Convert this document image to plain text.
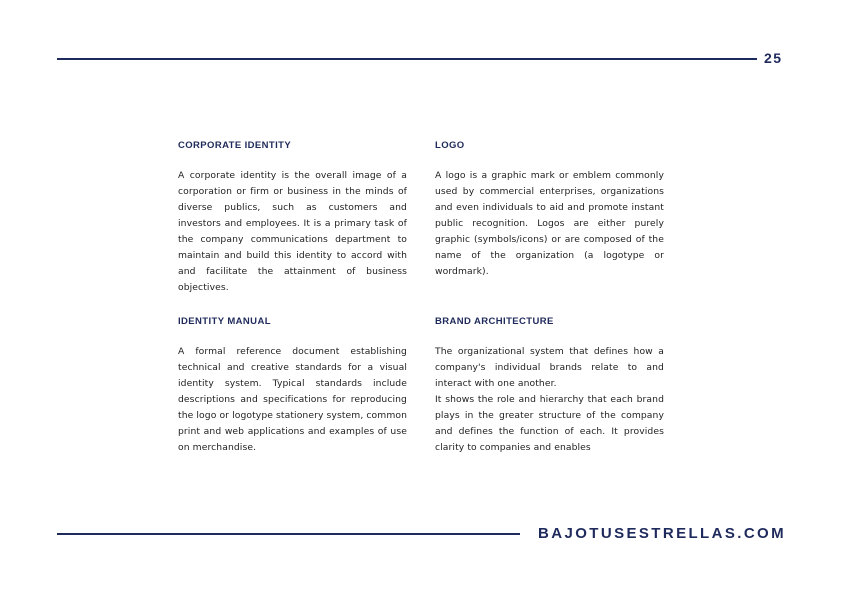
25
CORPORATE IDENTITY

A corporate identity is the overall image of a corporation or firm or business in the minds of diverse publics, such as customers and investors and employees. It is a primary task of the company communications department to maintain and build this identity to accord with and facilitate the attainment of business objectives.

LOGO

A logo is a graphic mark or emblem commonly used by commercial enterprises, organizations and even individuals to aid and promote instant public recognition. Logos are either purely graphic (symbols/icons) or are composed of the name of the organization (a logotype or wordmark).

IDENTITY MANUAL

A formal reference document establishing technical and creative standards for a visual identity system. Typical standards include descriptions and specifications for reproducing the logo or logotype stationery system, common print and web applications and examples of use on merchandise.

BRAND ARCHITECTURE

The organizational system that defines how a company's individual brands relate to and interact with one another.

It shows the role and hierarchy that each brand plays in the greater structure of the company and defines the function of each. It provides clarity to companies and enables

BAJOTUSESTRELLAS.COM
